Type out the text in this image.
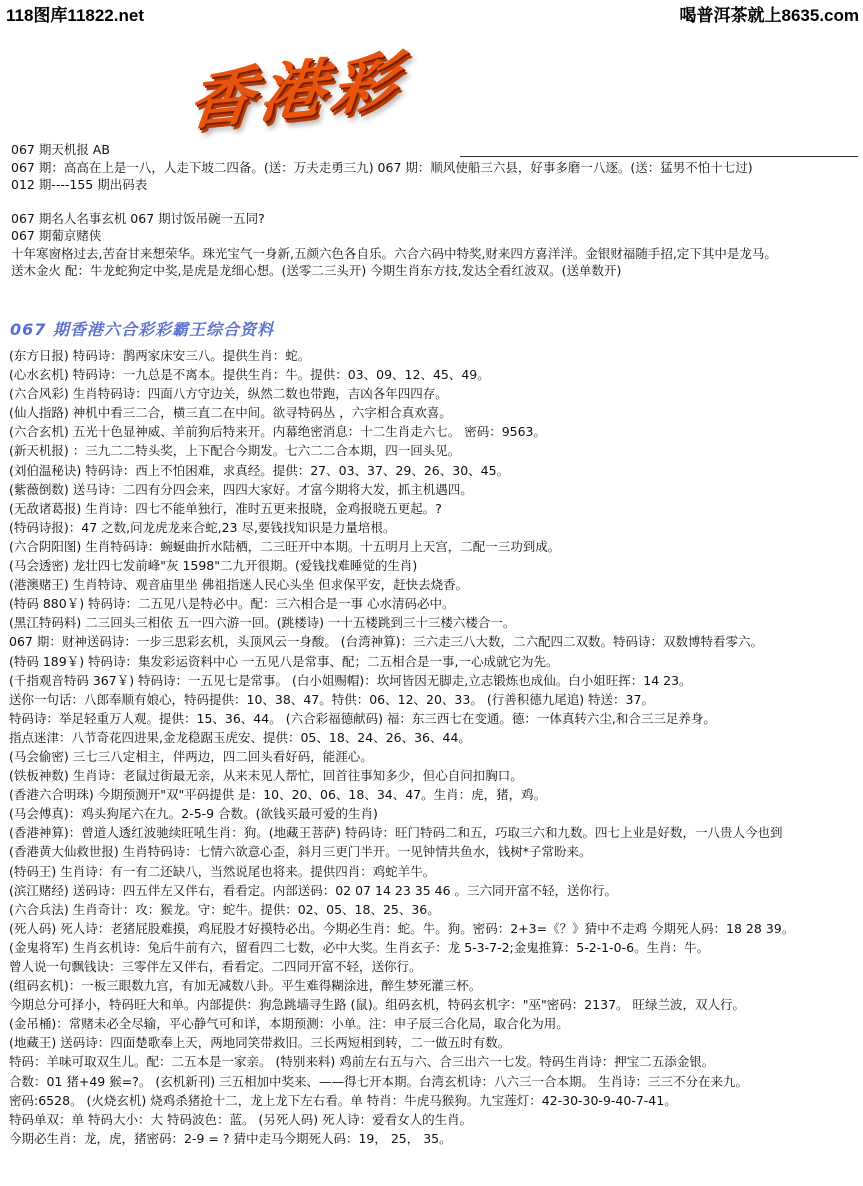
118图库11822.net	喝普洱茶就上8635.com
香港彩
067 期天机报 AB
067 期：高高在上是一八，人走下坡二四备。(送：万夫走勇三九) 067 期：顺风使船三六县，好事多磨一八逐。(送：猛男不怕十七过)
012 期----155 期出码表
067 期名人名事玄机 067 期讨饭吊碗一五同?
067 期葡京赌侠
十年寒窗格过去,苦奋甘来想荣华。珠光宝气一身新,五颜六色各自乐。六合六码中特奖,财来四方喜洋洋。金银财福随手招,定下其中是龙马。
送木金火 配：牛龙蛇狗定中奖,是虎是龙细心想。(送零二三头开) 今期生肖东方技,发达全看红波双。(送单数开)
067 期香港六合彩彩霸王综合资料
(东方日报) 特码诗：鹊两家床安三八。提供生肖：蛇。
(心水玄机) 特码诗：一九总是不离本。提供生肖：牛。提供：03、09、12、45、49。
(六合风彩) 生肖特码诗：四面八方守边关，纵然二数也带跑，吉凶各年四四存。
(仙人指路) 神机中看三二合，横三直二在中间。欲寻特码丛 ，六字相合真欢喜。
(六合玄机) 五光十色显神威、羊前狗后特来开。内幕绝密消息：十二生肖走六七。 密码：9563。
(新天机报) ：三九二二特头奖，上下配合今期发。七六二二合本期，四一回头见。
(刘伯温秘诀) 特码诗：西上不怕困难，求真经。提供：27、03、37、29、26、30、45。
(紫薇倒数) 送马诗：二四有分四会来，四四大家好。才富今期将大发，抓主机遇四。
(无敌诸葛报) 生肖诗：四七不能单独行，准时五更来报晓，金鸡报晓五更起。?
(特码诗报)：47 之数,问龙虎龙来合蛇,23 尽,要钱找知识是力量培根。
(六合阴阳图) 生肖特码诗：蜿蜒曲折水陆栖，二三旺开中本期。十五明月上天宫，二配一三功到成。
(马会透密) 龙壮四七发前峰"灰 1598"二九开很期。(爱钱找难睡觉的生肖)
(港澳赌王) 生肖特诗、观音庙里坐 佛祖指迷人民心头坐 但求保平安，赶快去烧香。
(特码 880￥) 特码诗：二五见八是特必中。配：三六相合是一事 心水清码必中。
(黑江特码料) 二三回头三相依 五一四六游一回。(跳楼诗) 一十五楼跳到三十三楼六楼合一。
067 期：财神送码诗：一步三思彩玄机，头顶风云一身酸。 (台湾神算)：三六走三八大数，二六配四二双数。特码诗：双数博特看零六。
(特码 189￥) 特码诗：集发彩运资料中心 一五见八是常事、配；二五相合是一事,一心成就它为先。
(千指观音特码 367￥) 特码诗：一五见七是常事。 (白小姐赐帽)：坎坷皆因无脚走,立志锻炼也成仙。白小姐旺挥：14 23。
送你一句话：八郎奉顺有娘心，特码提供：10、38、47。特供：06、12、20、33。 (行善积德九尾追) 特送：37。
特码诗：举足轻重万人观。提供：15、36、44。 (六合彩福德献码) 福：东三西七在变通。德：一体真转六尘,和合三三足养身。
指点迷津：八节奇花四进果,金龙稳踞玉虎安、提供：05、18、24、26、36、44。
(马会偷密) 三七三八定相主，伴两边，四二回头看好码，能涯心。
(铁板神数) 生肖诗：老鼠过街最无亲，从来未见人帮忙，回首往事知多少，但心自问扣胸口。
(香港六合明珠) 今期预测开"双"平码提供 是：10、20、06、18、34、47。生肖：虎，猪，鸡。
(马会傅真)：鸡头狗尾六在九。2-5-9 合数。(欲钱买最可爱的生肖)
(香港神算)：曾道人透红波驰续旺吼生肖：狗。(地藏王菩萨) 特码诗：旺门特码二和五，巧取三六和九数。四七上业是好数，一八贵人今也到
(香港黄大仙救世报) 生肖特码诗：七情六欲意心歪，斜月三更门半开。一见钟情共鱼水，钱树*子常盼来。
(特码王) 生肖诗：有一有二还缺八，当然说尾也将来。提供四肖：鸡蛇羊牛。
(滨江赌经) 送码诗：四五伴左又伴右，看看定。内部送码：02 07 14 23 35 46 。三六同开富不轻，送你行。
(六合兵法) 生肖奇计：攻：猴龙。守：蛇牛。提供：02、05、18、25、36。
(死人码) 死人诗：老猪屁股难摸，鸡屁股才好摸特必出。今期必生肖：蛇。牛。狗。密码：2+3=《？》猜中不走鸡 今期死人码：18 28 39。
(金鬼将军) 生肖玄机诗：兔后牛前有六，留看四二七数，必中大奖。生肖玄子：龙 5-3-7-2;金鬼推算：5-2-1-0-6。生肖：牛。
曾人说一句飘钱诀：三零伴左又伴右，看看定。二四同开富不轻，送你行。
(组码玄机)：一板三眼数九宫，有加无减数八卦。平生难得糊涂进，醉生梦死灌三杯。
今期总分可择小，特码旺大和单。内部提供：狗急跳墙寻生路 (鼠)。组码玄机，特码玄机字："巫"密码：2137。 旺绿兰波，双人行。
(金吊桶)：常赌未必全尽输，平心静气可和详，本期预测：小单。注：申子辰三合化局，取合化为用。
(地藏王) 送码诗：四面楚歌奉上天，两地同笑带救旧。三长两短相到转，二一做五时有数。
特码：羊味可取双生儿。配：二五本是一家亲。 (特别来料) 鸡前左右五与六、合三出六一七发。特码生肖诗：押宝二五添金银。
合数：01 猪+49 猴=?。 (玄机新刊) 三五相加中奖来、——得七开本期。台湾玄机诗：八六三一合本期。 生肖诗：三三不分在来九。
密码:6528。 (火烧玄机) 烧鸡杀猪抢十二，龙上龙下左右看。单 特肖：牛虎马猴狗。九宝莲灯：42-30-30-9-40-7-41。
特码单双：单 特码大小：大 特码波色：蓝。 (另死人码) 死人诗：爱看女人的生肖。
今期必生肖：龙，虎，猪密码：2-9 = ? 猜中走马今期死人码：19， 25， 35。
